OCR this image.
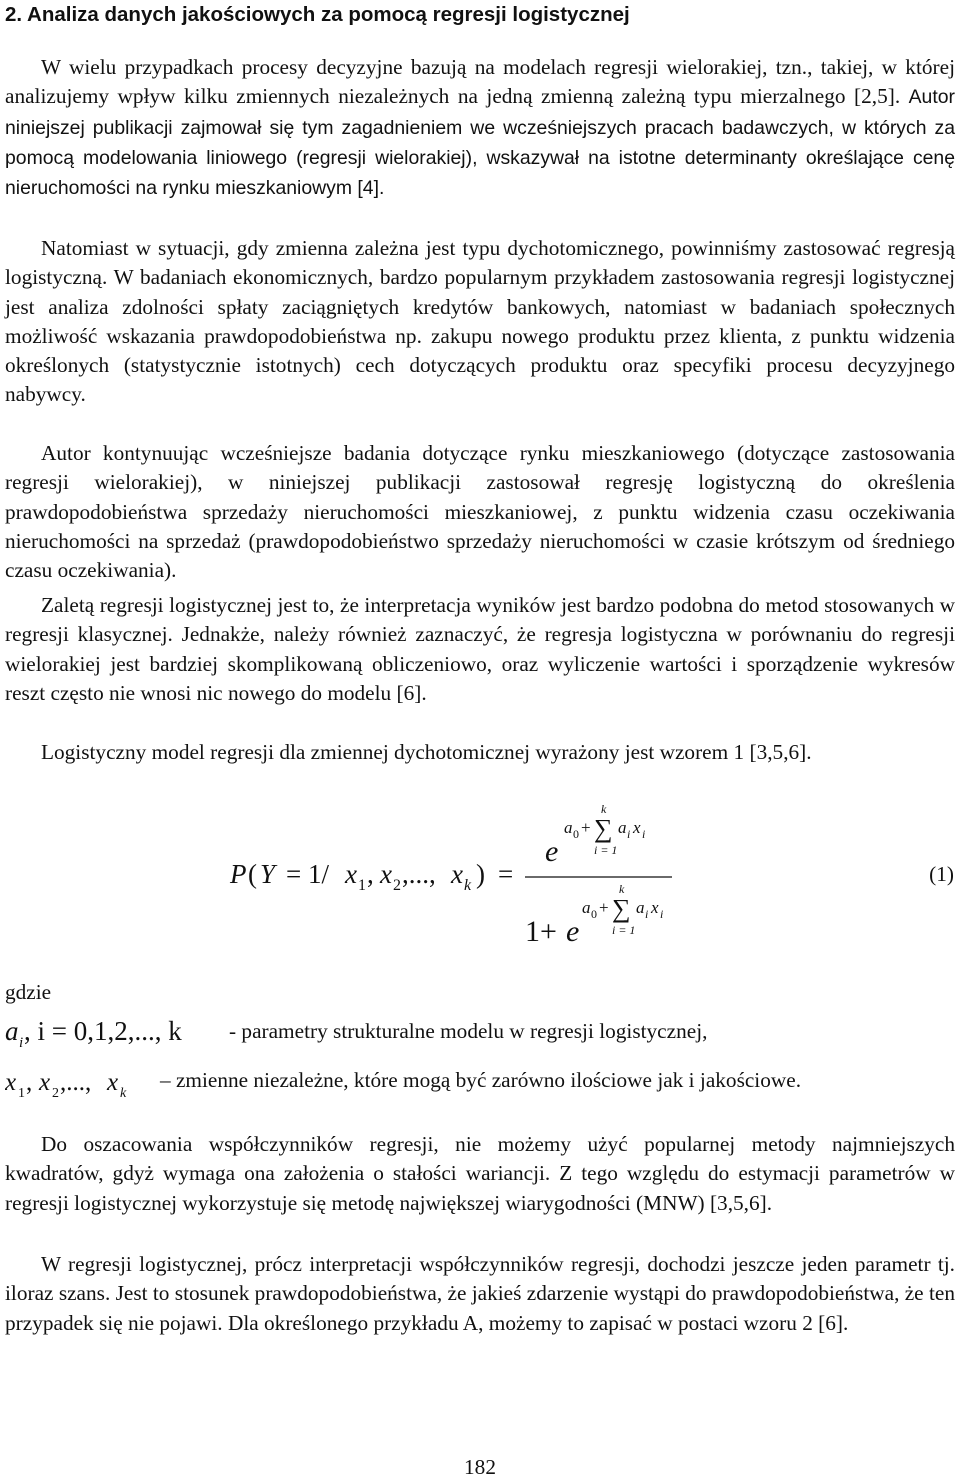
2. Analiza danych jakościowych za pomocą regresji logistycznej

W wielu przypadkach procesy decyzyjne bazują na modelach regresji wielorakiej, tzn., takiej, w której analizujemy wpływ kilku zmiennych niezależnych na jedną zmienną zależną typu mierzalnego [2,5]. Autor niniejszej publikacji zajmował się tym zagadnieniem we wcześniejszych pracach badawczych, w których za pomocą modelowania liniowego (regresji wielorakiej), wskazywał na istotne determinanty określające cenę nieruchomości na rynku mieszkaniowym [4].

Natomiast w sytuacji, gdy zmienna zależna jest typu dychotomicznego, powinniśmy zastosować regresją logistyczną. W badaniach ekonomicznych, bardzo popularnym przykładem zastosowania regresji logistycznej jest analiza zdolności spłaty zaciągniętych kredytów bankowych, natomiast w badaniach społecznych możliwość wskazania prawdopodobieństwa np. zakupu nowego produktu przez klienta, z punktu widzenia określonych (statystycznie istotnych) cech dotyczących produktu oraz specyfiki procesu decyzyjnego nabywcy.

Autor kontynuując wcześniejsze badania dotyczące rynku mieszkaniowego (dotyczące zastosowania regresji wielorakiej), w niniejszej publikacji zastosował regresję logistyczną do określenia prawdopodobieństwa sprzedaży nieruchomości mieszkaniowej, z punktu widzenia czasu oczekiwania nieruchomości na sprzedaż (prawdopodobieństwo sprzedaży nieruchomości w czasie krótszym od średniego czasu oczekiwania).

Zaletą regresji logistycznej jest to, że interpretacja wyników jest bardzo podobna do metod stosowanych w regresji klasycznej. Jednakże, należy również zaznaczyć, że regresja logistyczna w porównaniu do regresji wielorakiej jest bardziej skomplikowaną obliczeniowo, oraz wyliczenie wartości i sporządzenie wykresów reszt często nie wnosi nic nowego do modelu [6].

Logistyczny model regresji dla zmiennej dychotomicznej wyrażony jest wzorem 1 [3,5,6].

P ( Y = 1/ x 1 , x 2 ,..., x k ) =
e
a 0 + ∑
k
i = 1
a i x i
1+ e
a 0 + ∑
k
i = 1
a i x i
(1)
gdzie
a i , i = 0,1,2,..., k - parametry strukturalne modelu w regresji logistycznej,
x 1 , x 2 ,..., x k
– zmienne niezależne, które mogą być zarówno ilościowe jak i jakościowe.

Do oszacowania współczynników regresji, nie możemy użyć popularnej metody najmniejszych kwadratów, gdyż wymaga ona założenia o stałości wariancji. Z tego względu do estymacji parametrów w regresji logistycznej wykorzystuje się metodę największej wiarygodności (MNW) [3,5,6].

W regresji logistycznej, prócz interpretacji współczynników regresji, dochodzi jeszcze jeden parametr tj. iloraz szans. Jest to stosunek prawdopodobieństwa, że jakieś zdarzenie wystąpi do prawdopodobieństwa, że ten przypadek się nie pojawi. Dla określonego przykładu A, możemy to zapisać w postaci wzoru 2 [6].

182
